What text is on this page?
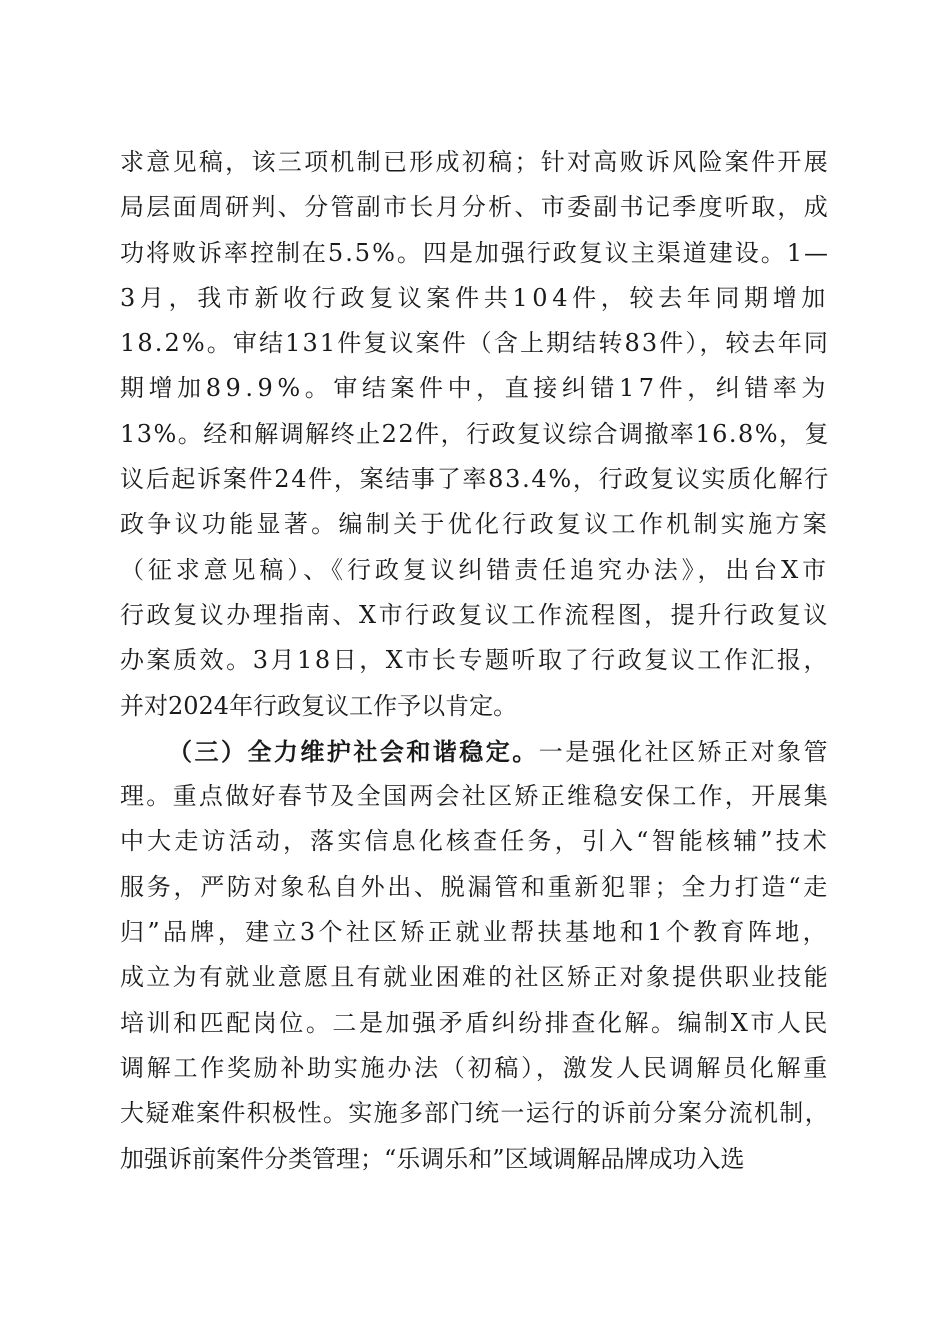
求意见稿，该三项机制已形成初稿；针对高败诉风险案件开展
局层面周研判、分管副市长月分析、市委副书记季度听取，成
功将败诉率控制在5.5%。四是加强行政复议主渠道建设。1—
3月，我市新收行政复议案件共104件，较去年同期增加
18.2%。审结131件复议案件（含上期结转83件），较去年同
期增加89.9%。审结案件中，直接纠错17件，纠错率为
13%。经和解调解终止22件，行政复议综合调撤率16.8%，复
议后起诉案件24件，案结事了率83.4%，行政复议实质化解行
政争议功能显著。编制关于优化行政复议工作机制实施方案
（征求意见稿）、《行政复议纠错责任追究办法》，出台X市
行政复议办理指南、X市行政复议工作流程图，提升行政复议
办案质效。3月18日，X市长专题听取了行政复议工作汇报，
并对2024年行政复议工作予以肯定。
（三）全力维护社会和谐稳定。一是强化社区矫正对象管
理。重点做好春节及全国两会社区矫正维稳安保工作，开展集
中大走访活动，落实信息化核查任务，引入“智能核辅”技术
服务，严防对象私自外出、脱漏管和重新犯罪；全力打造“走
归”品牌，建立3个社区矫正就业帮扶基地和1个教育阵地，
成立为有就业意愿且有就业困难的社区矫正对象提供职业技能
培训和匹配岗位。二是加强矛盾纠纷排查化解。编制X市人民
调解工作奖励补助实施办法（初稿），激发人民调解员化解重
大疑难案件积极性。实施多部门统一运行的诉前分案分流机制，
加强诉前案件分类管理；“乐调乐和”区域调解品牌成功入选
